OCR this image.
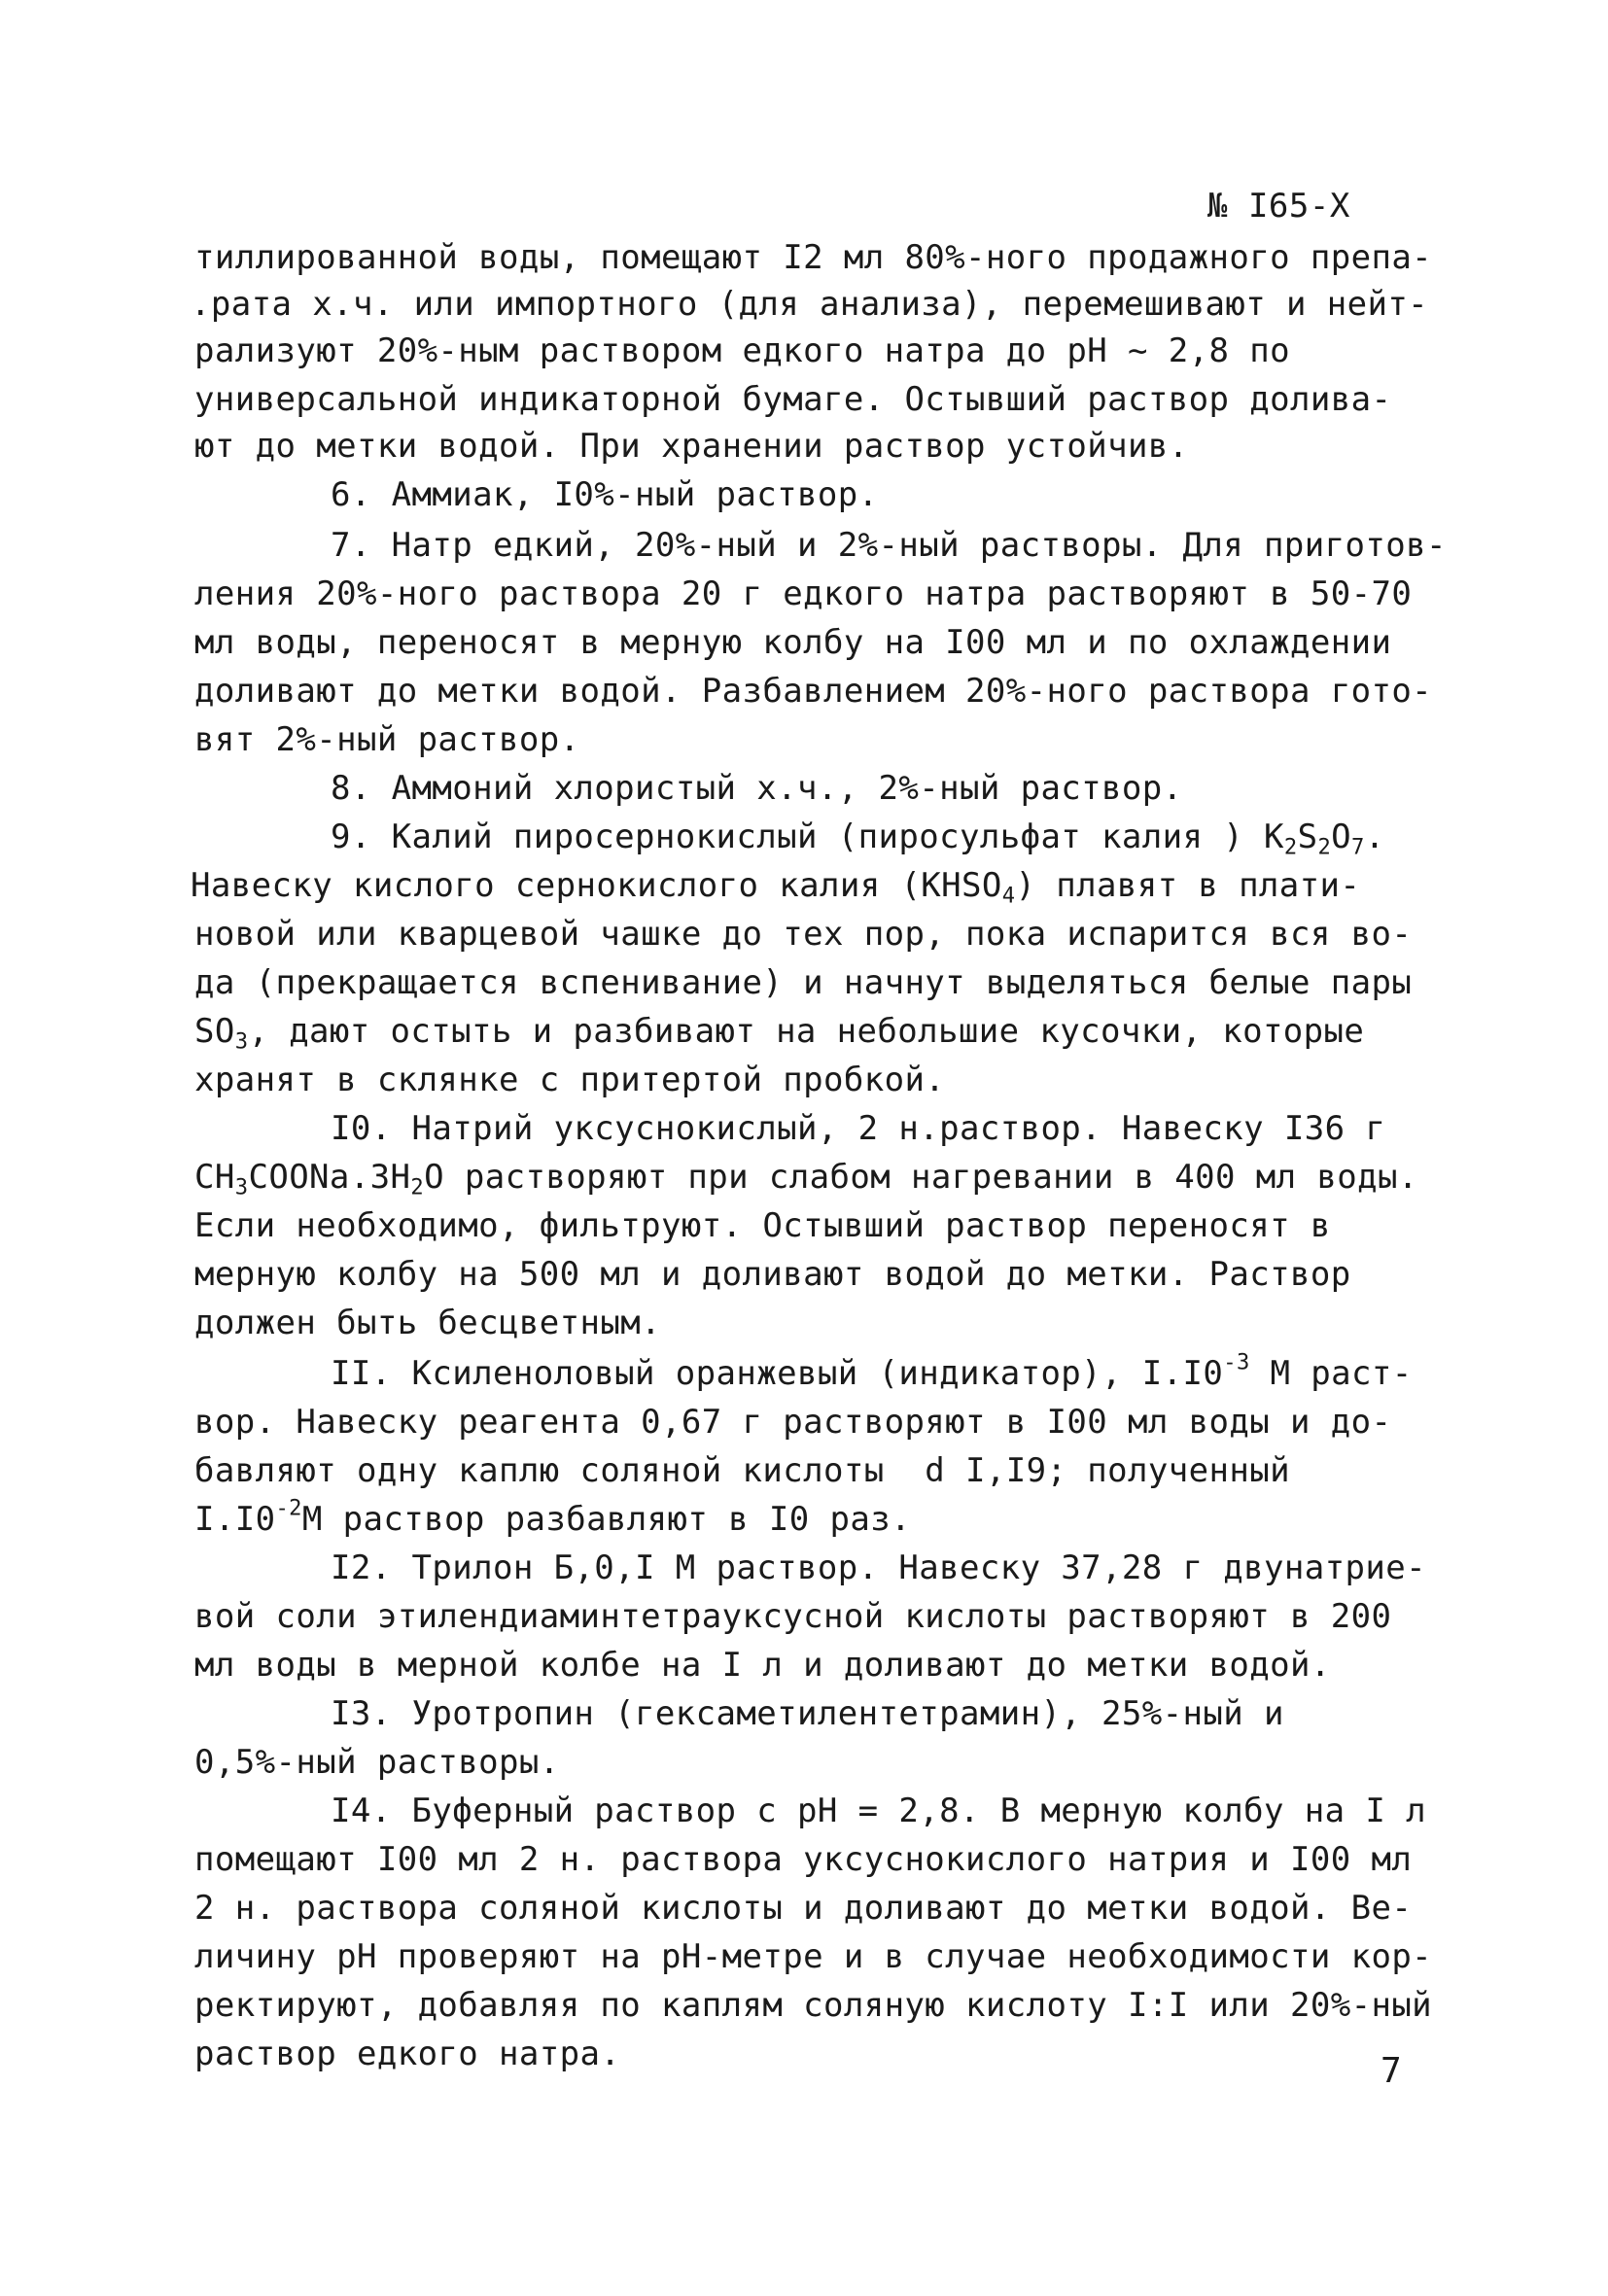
№ I65-X
тиллированной воды, помещают I2 мл 80%-ного продажного препа-
.рата х.ч. или импортного (для анализа), перемешивают и нейт-
рализуют 20%-ным раствором едкого натра до pH ~ 2,8 по
универсальной индикаторной бумаге. Остывший раствор доливa-
ют до метки водой. При хранении раствор устойчив.
6. Аммиак, I0%-ный раствор.
7. Натр едкий, 20%-ный и 2%-ный растворы. Для приготов-
ления 20%-ного раствора 20 г едкого натра растворяют в 50-70
мл воды, переносят в мерную колбу на I00 мл и по охлаждении
доливают до метки водой. Разбавлением 20%-ного раствора гото-
вят 2%-ный раствор.
8. Аммоний хлористый х.ч., 2%-ный раствор.
9. Калий пиросернокислый (пиросульфат калия ) $K_2S_2O_7$.
Навеску кислого сернокислого калия $(KHSO_4)$ плавят в плати-
новой или кварцевой чашке до тех пор, пока испарится вся во-
да (прекращается вспенивание) и начнут выделяться белые пары
$SO_3$, дают остыть и разбивают на небольшие кусочки, которые
хранят в склянке с притертой пробкой.
I0. Натрий уксуснокислый, 2 н.раствор. Навеску I36 г
$CH_3COONa.3H_2O$ растворяют при слабом нагревании в 400 мл воды.
Если необходимо, фильтруют. Остывший раствор переносят в
мерную колбу на 500 мл и доливают водой до метки. Раствор
должен быть бесцветным.
II. Ксиленоловый оранжевый (индикатор), $I.I0^{-3}$ M раст-
вор. Навеску реагента 0,67 г растворяют в I00 мл воды и до-
бавляют одну каплю соляной кислоты  d I,I9; полученный
$I.I0^{-2}M$ раствор разбавляют в I0 раз.
I2. Трилон Б,0,I M раствор. Навеску 37,28 г двунатрие-
вой соли этилендиаминтетрауксусной кислоты растворяют в 200
мл воды в мерной колбе на I л и доливают до метки водой.
I3. Уротропин (гексаметилентетрамин), 25%-ный и
0,5%-ный растворы.
I4. Буферный раствор с pH = 2,8. В мерную колбу на I л
помещают I00 мл 2 н. раствора уксуснокислого натрия и I00 мл
2 н. раствора соляной кислоты и доливают до метки водой. Ве-
личину pH проверяют на pH-метре и в случае необходимости кор-
ректируют, добавляя по каплям соляную кислоту I:I или 20%-ный
раствор едкого натра.	7
